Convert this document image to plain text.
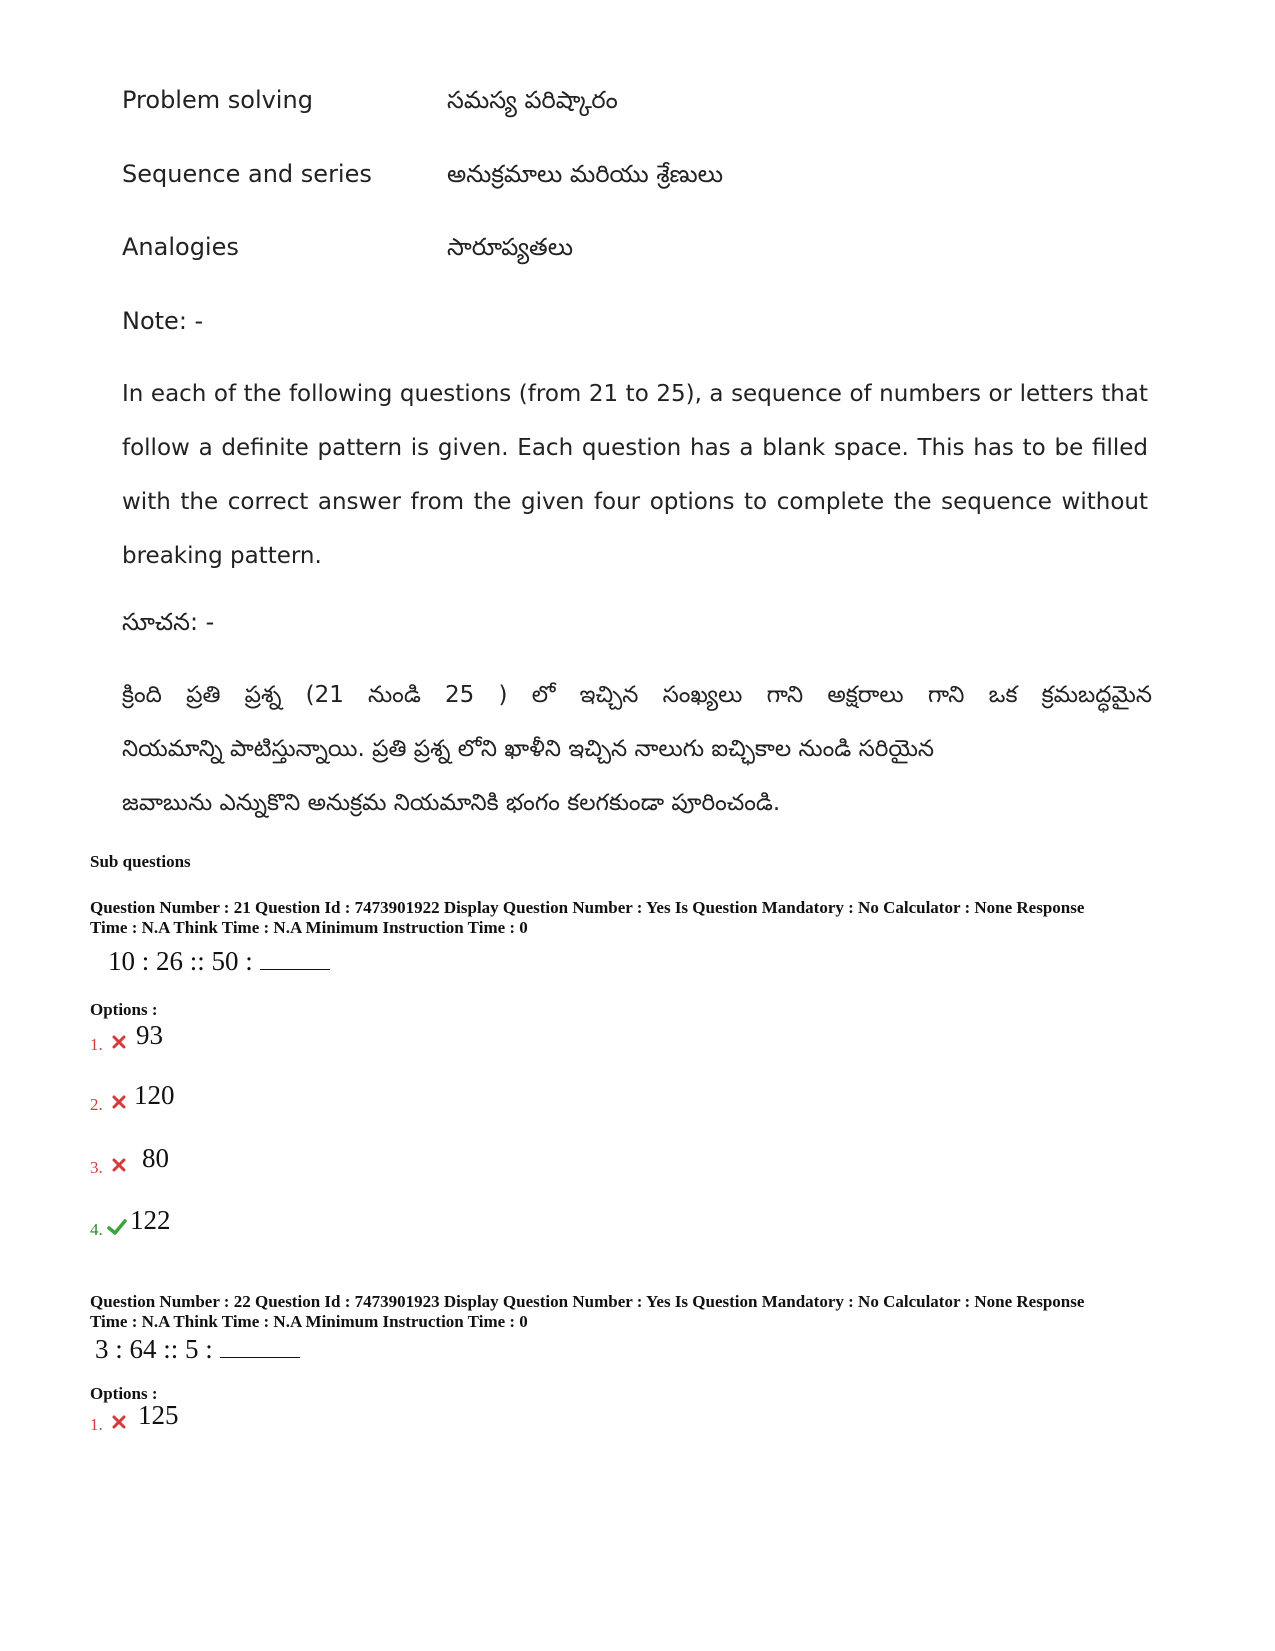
Problem solving	సమస్య పరిష్కారం
Sequence and series	అనుక్రమాలు మరియు శ్రేణులు
Analogies	సారూప్యతలు
Note: -
In each of the following questions (from 21 to 25), a sequence of numbers or letters that
follow a definite pattern is given. Each question has a blank space. This has to be filled
with the correct answer from the given four options to complete the sequence without
breaking pattern.
సూచన: -
క్రింది ప్రతి ప్రశ్న (21 నుండి 25 ) లో ఇచ్చిన సంఖ్యలు గాని అక్షరాలు గాని ఒక క్రమబద్ధమైన
నియమాన్ని పాటిస్తున్నాయి. ప్రతి ప్రశ్న లోని ఖాళీని ఇచ్చిన నాలుగు ఐచ్ఛికాల నుండి సరియైన
జవాబును ఎన్నుకొని అనుక్రమ నియమానికి భంగం కలగకుండా పూరించండి.
Sub questions
Question Number : 21 Question Id : 7473901922 Display Question Number : Yes Is Question Mandatory : No Calculator : None Response
Time : N.A Think Time : N.A Minimum Instruction Time : 0
10 : 26 :: 50 :
Options :
1. 93
2. 120
3. 80
4. 122
Question Number : 22 Question Id : 7473901923 Display Question Number : Yes Is Question Mandatory : No Calculator : None Response
Time : N.A Think Time : N.A Minimum Instruction Time : 0
3 : 64 :: 5 :
Options :
1. 125
